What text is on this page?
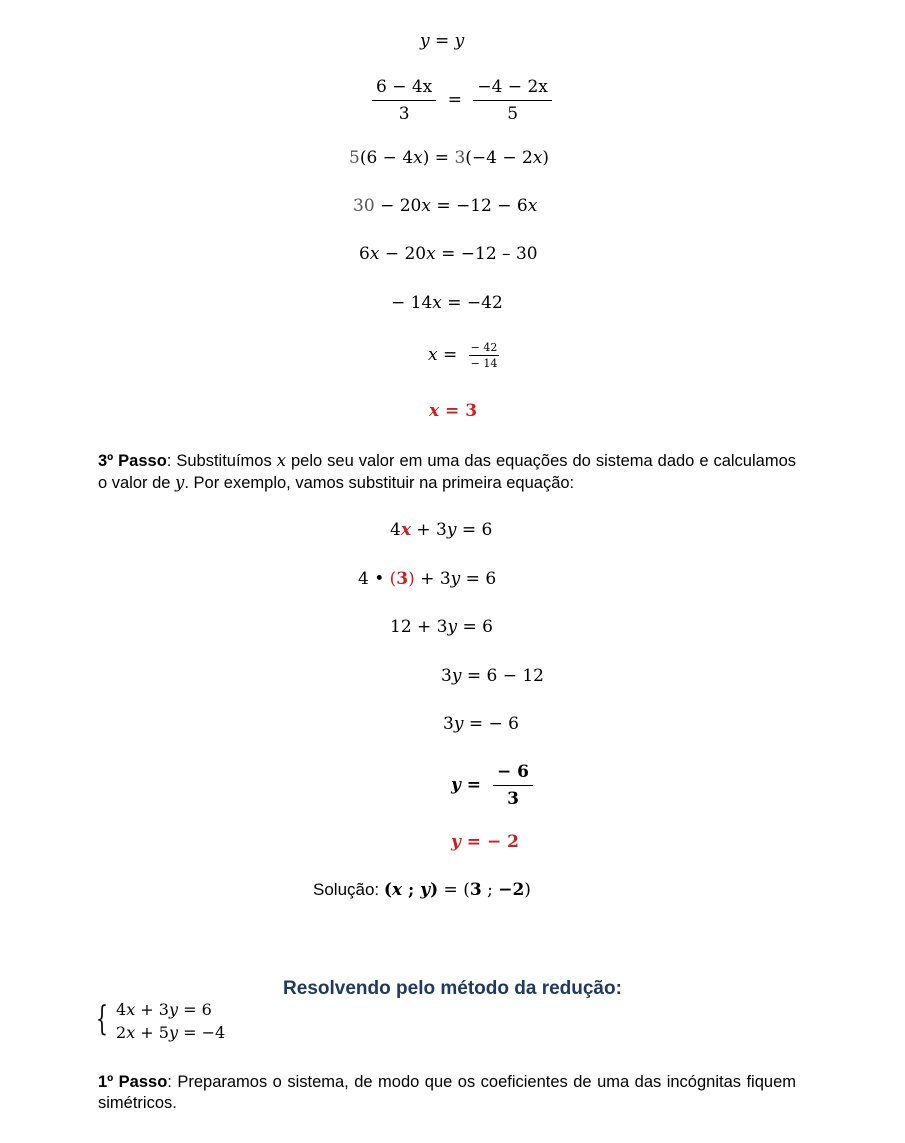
y = y
$\frac{6 - 4x}{3} = \frac{-4 - 2x}{5}$
5(6 − 4x) = 3(−4 − 2x)
30 − 20x = −12 − 6x
6x − 20x = −12 – 30
− 14x = −42
$x = \frac{- 42}{- 14}$
x = 3
3º Passo: Substituímos x pelo seu valor em uma das equações do sistema dado e calculamos o valor de y. Por exemplo, vamos substituir na primeira equação:
4x + 3y = 6
4 • (3) + 3y = 6
12 + 3y = 6
3y = 6 − 12
3y = − 6
$y = \frac{- 6}{3}$
y = − 2
Solução: (x ; y) = (3 ; −2)
Resolvendo pelo método da redução:
{ 4x + 3y = 6
2x + 5y = −4
1º Passo: Preparamos o sistema, de modo que os coeficientes de uma das incógnitas fiquem simétricos.
